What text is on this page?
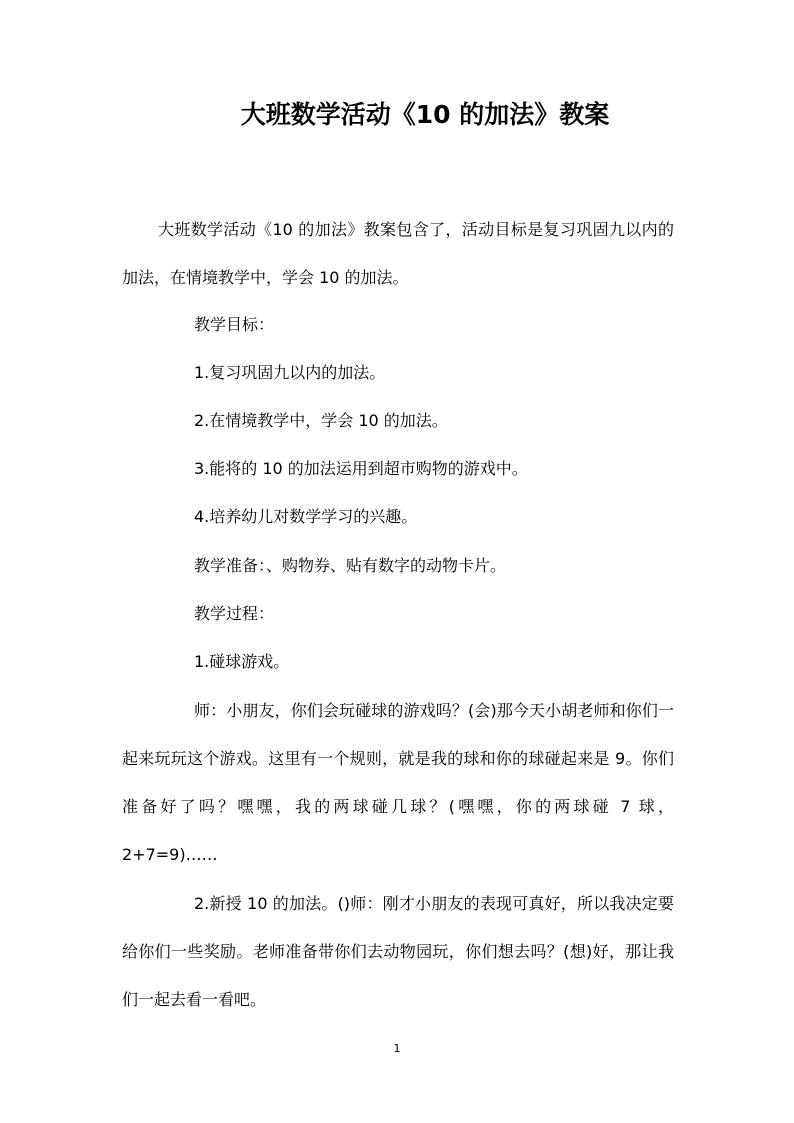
大班数学活动《10 的加法》教案

大班数学活动《10 的加法》教案包含了，活动目标是复习巩固九以内的加法，在情境教学中，学会 10 的加法。

教学目标：

1.复习巩固九以内的加法。

2.在情境教学中，学会 10 的加法。

3.能将的 10 的加法运用到超市购物的游戏中。

4.培养幼儿对数学学习的兴趣。

教学准备：、购物券、贴有数字的动物卡片。

教学过程：

1.碰球游戏。

师：小朋友，你们会玩碰球的游戏吗？(会)那今天小胡老师和你们一起来玩玩这个游戏。这里有一个规则，就是我的球和你的球碰起来是 9。你们准备好了吗？嘿嘿，我的两球碰几球？(嘿嘿，你的两球碰 7 球， 2+7=9)……

2.新授 10 的加法。()师：刚才小朋友的表现可真好，所以我决定要给你们一些奖励。老师准备带你们去动物园玩，你们想去吗？(想)好，那让我们一起去看一看吧。

1
